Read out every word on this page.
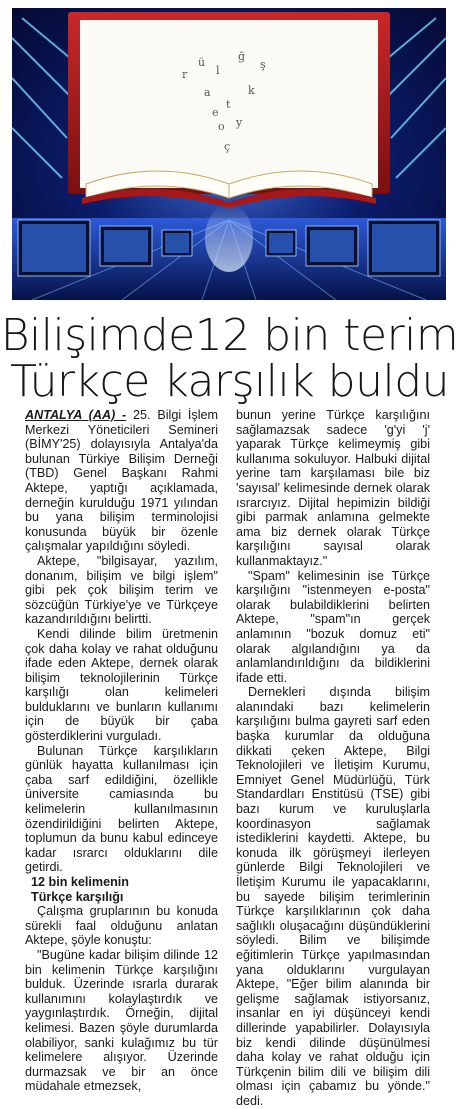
r
ü
l
ğ
ş
a
t
k
o y
ç
e
Bilişimde12 bin terim
Türkçe karşılık buldu

ANTALYA (AA) - 25. Bilgi İşlem Merkezi Yöneticileri Semineri (BİMY'25) dolayısıyla Antalya'da bulunan Türkiye Bilişim Derneği (TBD) Genel Başkanı Rahmi Aktepe, yaptığı açıklamada, derneğin kurulduğu 1971 yılından bu yana bilişim terminolojisi konusunda büyük bir özenle çalışmalar yapıldığını söyledi.

Aktepe, "bilgisayar, yazılım, donanım, bilişim ve bilgi işlem" gibi pek çok bilişim terim ve sözcüğün Türkiye'ye ve Türkçeye kazandırıldığını belirtti.

Kendi dilinde bilim üretmenin çok daha kolay ve rahat olduğunu ifade eden Aktepe, dernek olarak bilişim teknolojilerinin Türkçe karşılığı olan kelimeleri bulduklarını ve bunların kullanımı için de büyük bir çaba gösterdiklerini vurguladı.

Bulunan Türkçe karşılıkların günlük hayatta kullanılması için çaba sarf edildiğini, özellikle üniversite camiasında bu kelimelerin kullanılmasının özendirildiğini belirten Aktepe, toplumun da bunu kabul edinceye kadar ısrarcı olduklarını dile getirdi.

12 bin kelimenin
Türkçe karşılığı

Çalışma gruplarının bu konuda sürekli faal olduğunu anlatan Aktepe, şöyle konuştu:

"Bugüne kadar bilişim dilinde 12 bin kelimenin Türkçe karşılığını bulduk. Üzerinde ısrarla durarak kullanımını kolaylaştırdık ve yaygınlaştırdık. Örneğin, dijital kelimesi. Bazen şöyle durumlarda olabiliyor, sanki kulağımız bu tür kelimelere alışıyor. Üzerinde durmazsak ve bir an önce müdahale etmezsek,

bunun yerine Türkçe karşılığını sağlamazsak sadece 'g'yi 'j' yaparak Türkçe kelimeymiş gibi kullanıma sokuluyor. Halbuki dijital yerine tam karşılaması bile biz 'sayısal' kelimesinde dernek olarak ısrarcıyız. Dijital hepimizin bildiği gibi parmak anlamına gelmekte ama biz dernek olarak Türkçe karşılığını sayısal olarak kullanmaktayız."

"Spam" kelimesinin ise Türkçe karşılığını "istenmeyen e-posta" olarak bulabildiklerini belirten Aktepe, "spam"ın gerçek anlamının "bozuk domuz eti" olarak algılandığını ya da anlamlandırıldığını da bildiklerini ifade etti.

Dernekleri dışında bilişim alanındaki bazı kelimelerin karşılığını bulma gayreti sarf eden başka kurumlar da olduğuna dikkati çeken Aktepe, Bilgi Teknolojileri ve İletişim Kurumu, Emniyet Genel Müdürlüğü, Türk Standardları Enstitüsü (TSE) gibi bazı kurum ve kuruluşlarla koordinasyon sağlamak istediklerini kaydetti. Aktepe, bu konuda ilk görüşmeyi ilerleyen günlerde Bilgi Teknolojileri ve İletişim Kurumu ile yapacaklarını, bu sayede bilişim terimlerinin Türkçe karşılıklarının çok daha sağlıklı oluşacağını düşündüklerini söyledi. Bilim ve bilişimde eğitimlerin Türkçe yapılmasından yana olduklarını vurgulayan Aktepe, "Eğer bilim alanında bir gelişme sağlamak istiyorsanız, insanlar en iyi düşünceyi kendi dillerinde yapabilirler. Dolayısıyla biz kendi dilinde düşünülmesi daha kolay ve rahat olduğu için Türkçenin bilim dili ve bilişim dili olması için çabamız bu yönde." dedi.
